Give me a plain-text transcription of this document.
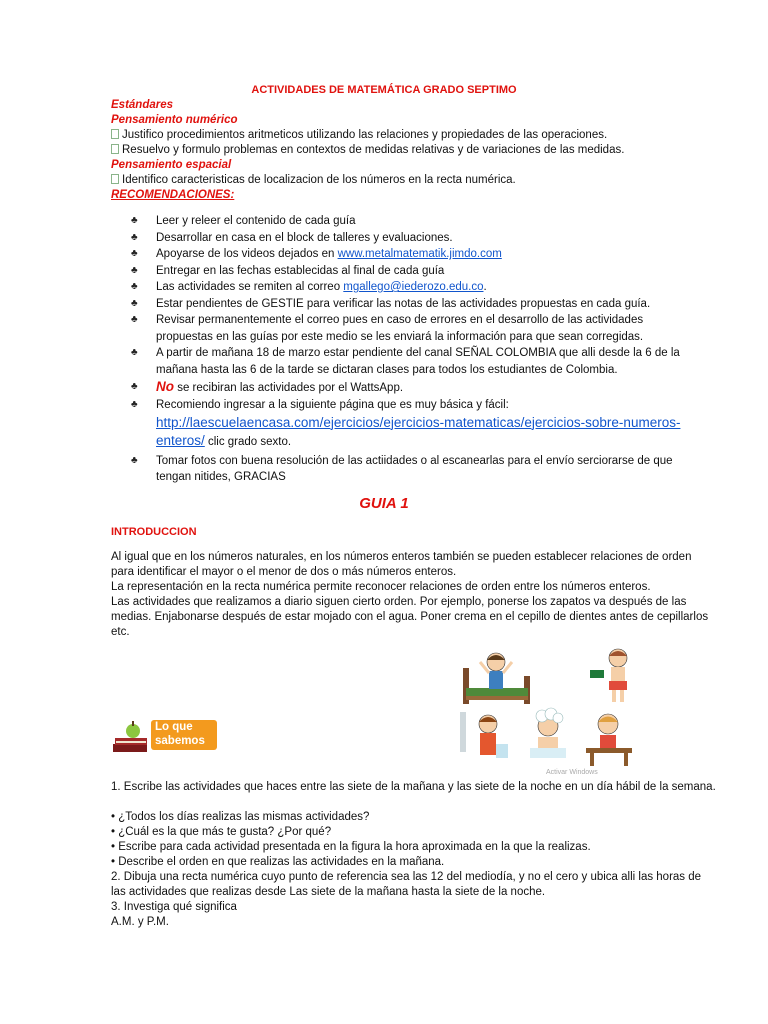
ACTIVIDADES DE MATEMÁTICA GRADO SEPTIMO
Estándares
Pensamiento numérico
Justifico procedimientos aritmeticos utilizando las relaciones y propiedades de las operaciones.
Resuelvo y formulo problemas en contextos de medidas relativas y de variaciones de las medidas.
Pensamiento espacial
Identifico caracteristicas de localizacion de los números en la recta numérica.
RECOMENDACIONES:
♣ Leer y releer el contenido de cada guía
♣ Desarrollar en casa en el block de talleres y evaluaciones.
♣ Apoyarse de los videos dejados en www.metalmatematik.jimdo.com
♣ Entregar en las fechas establecidas al final de cada guía
♣ Las actividades se remiten al correo mgallego@iederozo.edu.co.
♣ Estar pendientes de GESTIE para verificar las notas de las actividades propuestas en cada guía.
♣ Revisar permanentemente el correo pues en caso de errores en el desarrollo de las actividades propuestas en las guías por este medio se les enviará la información para que sean corregidas.
♣ A partir de mañana 18 de marzo estar pendiente del canal SEÑAL COLOMBIA que alli desde la 6 de la mañana hasta las 6 de la tarde se dictaran clases para todos los estudiantes de Colombia.
♣ No se recibiran las actividades por el WattsApp.
♣ Recomiendo ingresar a la siguiente página que es muy básica y fácil:
http://laescuelaencasa.com/ejercicios/ejercicios-matematicas/ejercicios-sobre-numeros-enteros/ clic grado sexto.
♣ Tomar fotos con buena resolución de las actiidades o al escanearlas para el envío serciorarse de que tengan nitides, GRACIAS
GUIA 1
INTRODUCCION
Al igual que en los números naturales, en los números enteros también se pueden establecer relaciones de orden para identificar el mayor o el menor de dos o más números enteros.
La representación en la recta numérica permite reconocer relaciones de orden entre los números enteros.
Las actividades que realizamos a diario siguen cierto orden. Por ejemplo, ponerse los zapatos va después de las medias. Enjabonarse después de estar mojado con el agua. Poner crema en el cepillo de dientes antes de cepillarlos etc.
Activar Windows
Lo que
sabemos
1. Escribe las actividades que haces entre las siete de la mañana y las siete de la noche en un día hábil de la semana.
• ¿Todos los días realizas las mismas actividades?
• ¿Cuál es la que más te gusta? ¿Por qué?
• Escribe para cada actividad presentada en la figura la hora aproximada en la que la realizas.
• Describe el orden en que realizas las actividades en la mañana.
2. Dibuja una recta numérica cuyo punto de referencia sea las 12 del mediodía, y no el cero y ubica alli las horas de las actividades que realizas desde Las siete de la mañana hasta la siete de la noche.
3. Investiga qué significa
A.M. y P.M.
